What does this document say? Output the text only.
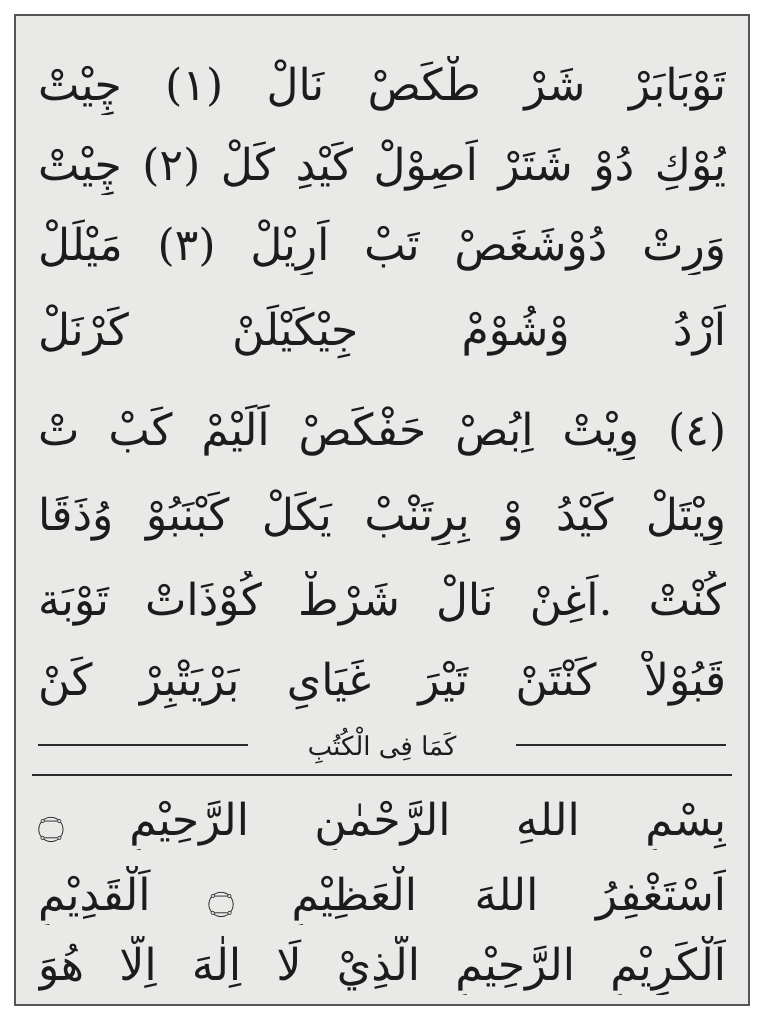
تَوْبَابَرْ شَرْ طْكَصْ نَالْ (١) چِيْتْ
يُوْكِ دُوْ شَتَرْ اَصِوْلْ كَيْدِ كَلْ (٢) چِيْتْ
وَرِتْ دُوْشَغَصْ تَبْ اَرِيْلْ (٣) مَيْلَلْ
اَرْدُ وْشُوْمْ جِيْكَيْلَنْ كَرْنَلْ
(٤) وِيْتْ اِبُصْ حَفْكَصْ اَلَيْمْ كَبْ تْ
وِيْتَلْ كَيْدُ وْ بِرِتَنْبْ يَكَلْ كَبْنَبُوْ وُذَقَا
كُنْتْ .اَغِنْ نَالْ شَرْطْ كُوْذَاتْ تَوْبَة
قَبُوْلاْ كَنْتَنْ تَيْرَ غَيَاىِ بَرْيَتْبِرْ كَنْ
كَمَا فِى الْكُتُبِ
بِسْمِ اللهِ الرَّحْمٰنِ الرَّحِيْمِ ۝
اَسْتَغْفِرُ اللهَ الْعَظِيْمِ ۝ اَلْقَدِيْمِ
اَلْكَرِيْمِ الرَّحِيْمِ الَّذِيْ لَا اِلٰهَ اِلَّا هُوَ
